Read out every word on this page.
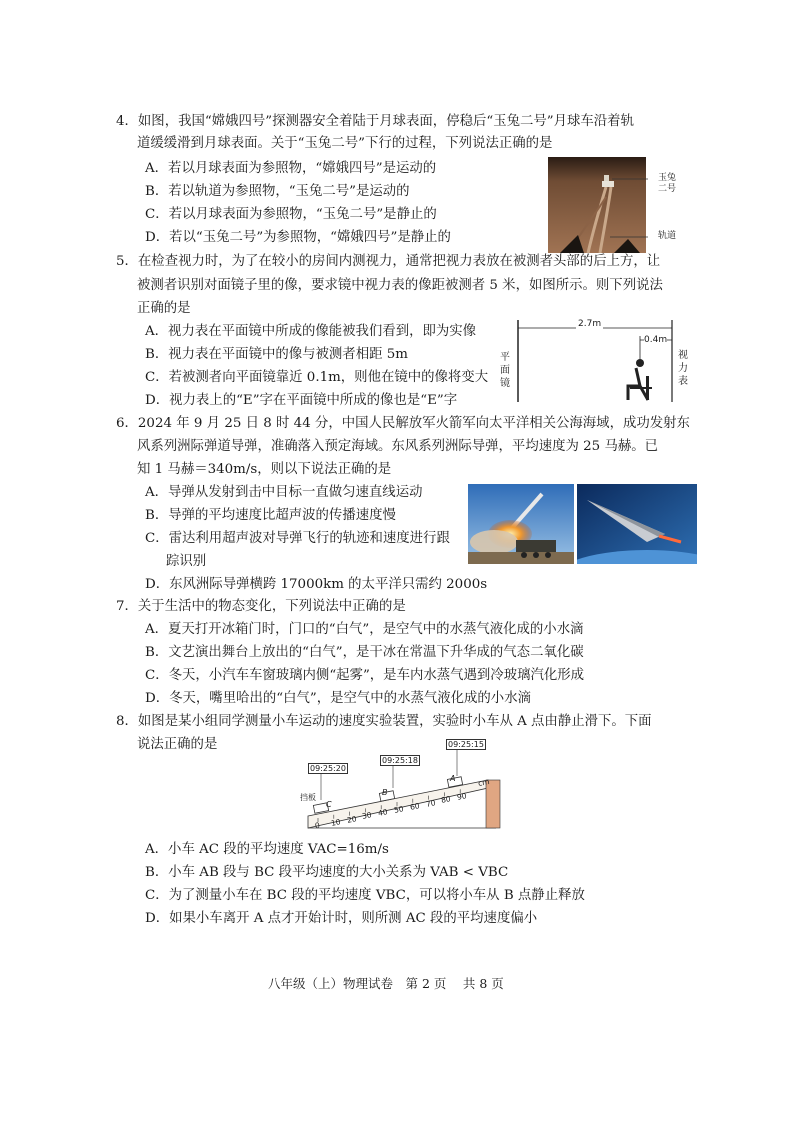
4．如图，我国“嫦娥四号”探测器安全着陆于月球表面，停稳后“玉兔二号”月球车沿着轨
道缓缓滑到月球表面。关于“玉兔二号”下行的过程，下列说法正确的是
A．若以月球表面为参照物，“嫦娥四号”是运动的
B．若以轨道为参照物，“玉兔二号”是运动的
C．若以月球表面为参照物，“玉兔二号”是静止的
D．若以“玉兔二号”为参照物，“嫦娥四号”是静止的
玉兔
二号
轨道
5．在检查视力时，为了在较小的房间内测视力，通常把视力表放在被测者头部的后上方，让
被测者识别对面镜子里的像，要求镜中视力表的像距被测者 5 米，如图所示。则下列说法
正确的是
A．视力表在平面镜中所成的像能被我们看到，即为实像
B．视力表在平面镜中的像与被测者相距 5m
C．若被测者向平面镜靠近 0.1m，则他在镜中的像将变大
D．视力表上的“E”字在平面镜中所成的像也是“E”字
2.7m
0.4m
平
面
镜
视
力
表
6．2024 年 9 月 25 日 8 时 44 分，中国人民解放军火箭军向太平洋相关公海海域，成功发射东
风系列洲际弹道导弹，准确落入预定海域。东风系列洲际导弹，平均速度为 25 马赫。已
知 1 马赫＝340m/s，则以下说法正确的是
A．导弹从发射到击中目标一直做匀速直线运动
B．导弹的平均速度比超声波的传播速度慢
C．雷达利用超声波对导弹飞行的轨迹和速度进行跟
踪识别
D．东风洲际导弹横跨 17000km 的太平洋只需约 2000s
7．关于生活中的物态变化，下列说法中正确的是
A．夏天打开冰箱门时，门口的“白气”，是空气中的水蒸气液化成的小水滴
B．文艺演出舞台上放出的“白气”，是干冰在常温下升华成的气态二氧化碳
C．冬天，小汽车车窗玻璃内侧“起雾”，是车内水蒸气遇到冷玻璃汽化形成
D．冬天，嘴里哈出的“白气”，是空气中的水蒸气液化成的小水滴
8．如图是某小组同学测量小车运动的速度实验装置，实验时小车从 A 点由静止滑下。下面
说法正确的是
09:25:20
09:25:18
09:25:15
挡板
C
B
A
0 10 20 30 40 50 60 70 80 90
cm
A．小车 AC 段的平均速度 VAC=16m/s
B．小车 AB 段与 BC 段平均速度的大小关系为 VAB < VBC
C．为了测量小车在 BC 段的平均速度 VBC，可以将小车从 B 点静止释放
D．如果小车离开 A 点才开始计时，则所测 AC 段的平均速度偏小
八年级（上）物理试卷　第 2 页　 共 8 页
